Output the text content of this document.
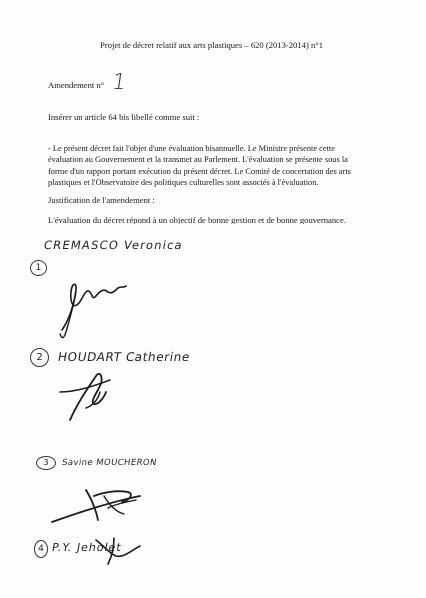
Projet de décret relatif aux arts plastiques – 620 (2013-2014) n°1
Amendement n° 1
Insérer un article 64 bis libellé comme suit :

- Le présent décret fait l'objet d'une évaluation bisannuelle. Le Ministre présente cette

évaluation au Gouvernement et la transmet au Parlement. L'évaluation se présente sous la

forme d'un rapport portant exécution du présent décret. Le Comité de concertation des arts

plastiques et l'Observatoire des politiques culturelles sont associés à l'évaluation.

Justification de l'amendement :
L'évaluation du décret répond à un objectif de bonne gestion et de bonne gouvernance.
CREMASCO Veronica
1
2	HOUDART Catherine
3	Savine MOUCHERON
4 P.Y. Jeholet
